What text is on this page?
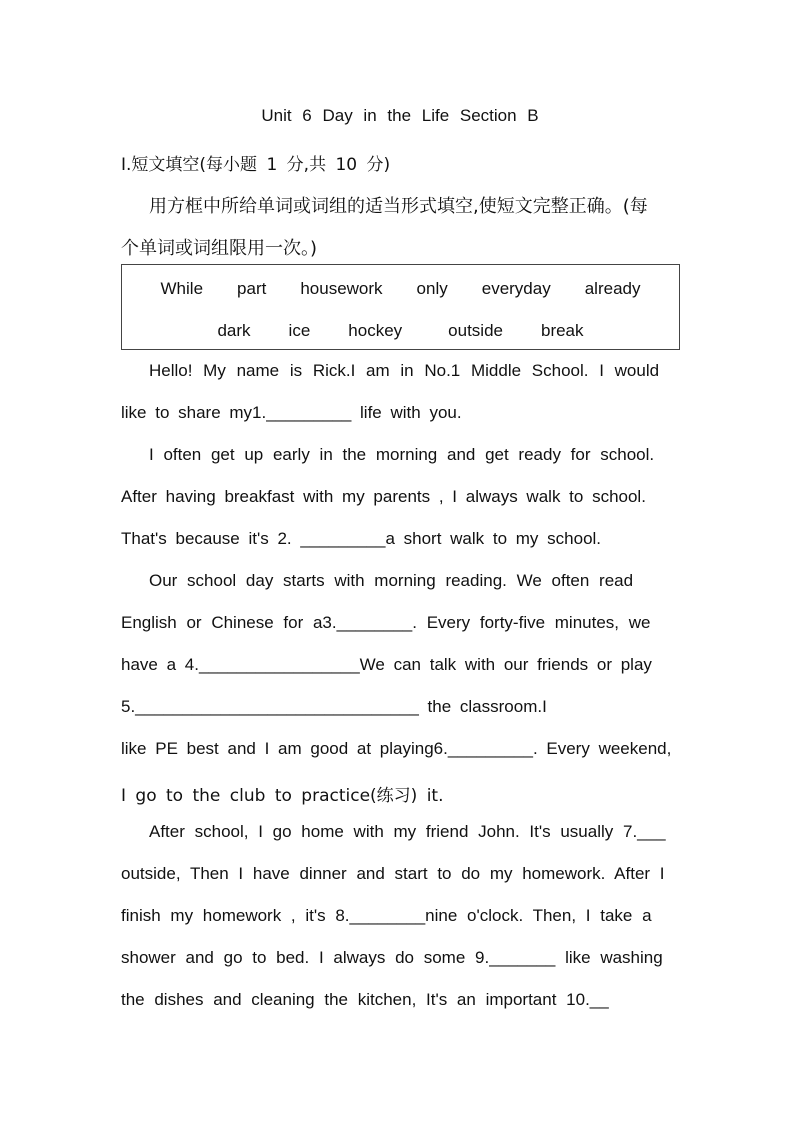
Unit 6 Day in the Life Section B
Ⅰ.短文填空(每小题 1 分,共 10 分)
用方框中所给单词或词组的适当形式填空,使短文完整正确。(每
个单词或词组限用一次。)
While part housework only everyday already
dark ice hockey	outside break
Hello! My name is Rick.I am in No.1 Middle School. I would
like to share my1._________ life with you.
I often get up early in the morning and get ready for school.
After having breakfast with my parents , I always walk to school.
That's because it's 2. _________a short walk to my school.
Our school day starts with morning reading. We often read
English or Chinese for a3.________. Every forty-five minutes, we
have a 4._________________We can talk with our friends or play
5.______________________________ the classroom.I
like PE best and I am good at playing6._________. Every weekend,
I go to the club to practice(练习) it.
After school, I go home with my friend John. It's usually 7.___
outside, Then I have dinner and start to do my homework. After I
finish my homework , it's 8.________nine o'clock. Then, I take a
shower and go to bed. I always do some 9._______ like washing
the dishes and cleaning the kitchen, It's an important 10.__
